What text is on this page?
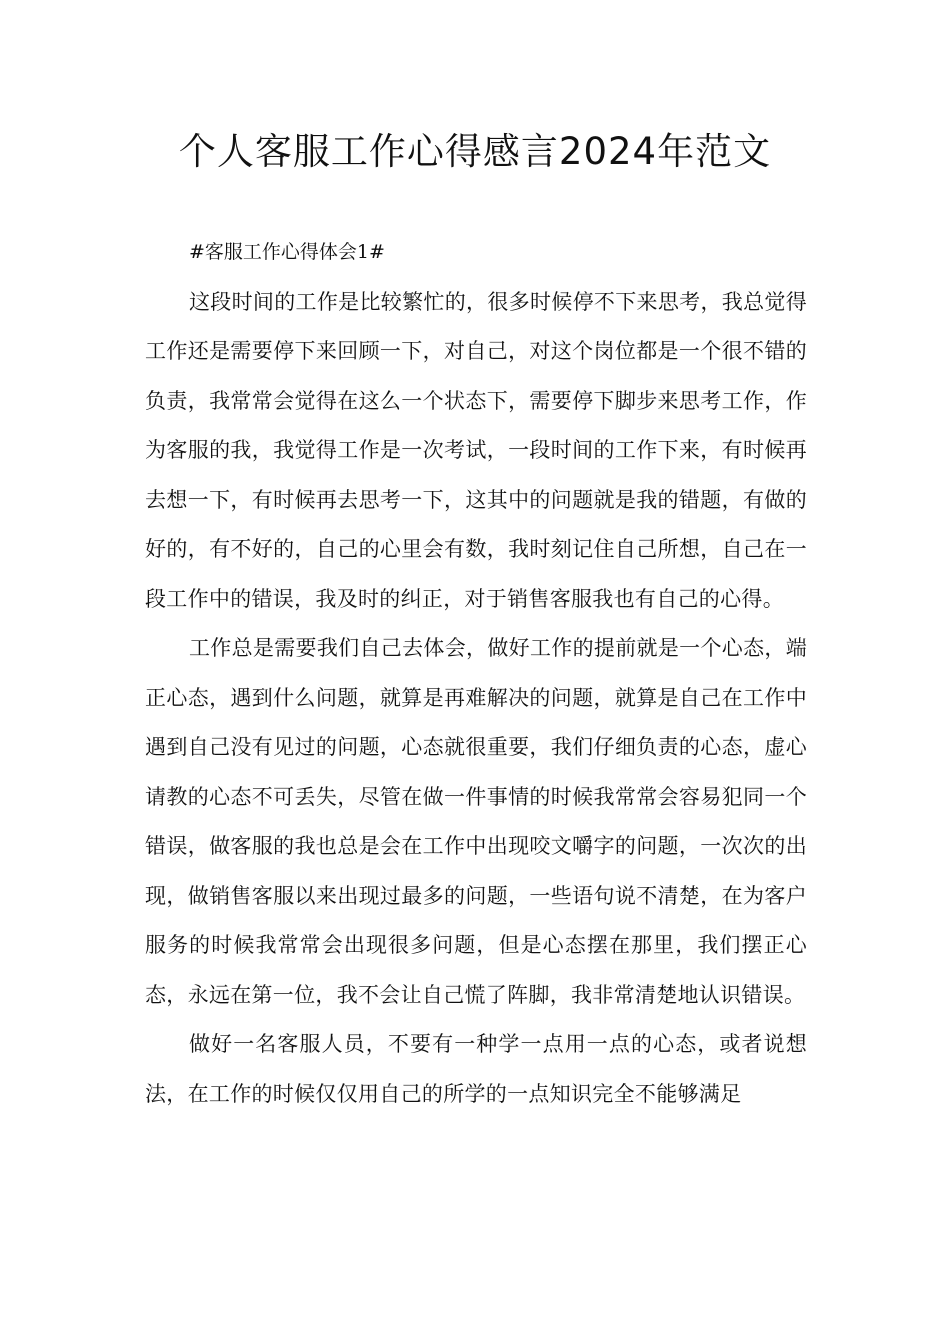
个人客服工作心得感言2024年范文

#客服工作心得体会1#

这段时间的工作是比较繁忙的，很多时候停不下来思考，我总觉得工作还是需要停下来回顾一下，对自己，对这个岗位都是一个很不错的负责，我常常会觉得在这么一个状态下，需要停下脚步来思考工作，作为客服的我，我觉得工作是一次考试，一段时间的工作下来，有时候再去想一下，有时候再去思考一下，这其中的问题就是我的错题，有做的好的，有不好的，自己的心里会有数，我时刻记住自己所想，自己在一段工作中的错误，我及时的纠正，对于销售客服我也有自己的心得。

工作总是需要我们自己去体会，做好工作的提前就是一个心态，端正心态，遇到什么问题，就算是再难解决的问题，就算是自己在工作中遇到自己没有见过的问题，心态就很重要，我们仔细负责的心态，虚心请教的心态不可丢失，尽管在做一件事情的时候我常常会容易犯同一个错误，做客服的我也总是会在工作中出现咬文嚼字的问题，一次次的出现，做销售客服以来出现过最多的问题，一些语句说不清楚，在为客户服务的时候我常常会出现很多问题，但是心态摆在那里，我们摆正心态，永远在第一位，我不会让自己慌了阵脚，我非常清楚地认识错误。

做好一名客服人员，不要有一种学一点用一点的心态，或者说想法，在工作的时候仅仅用自己的所学的一点知识完全不能够满足
